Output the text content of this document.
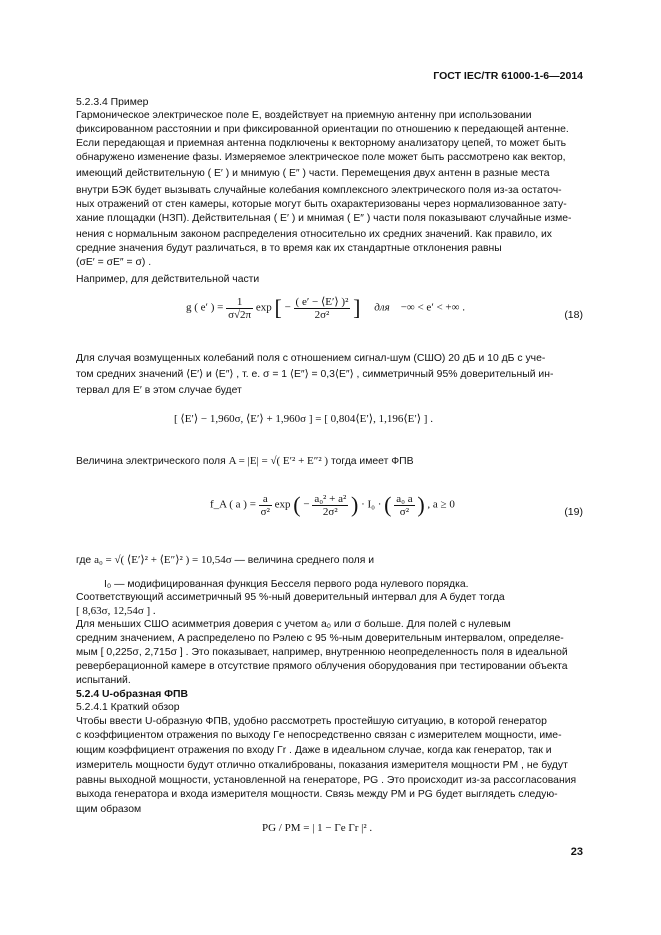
ГОСТ IEC/TR 61000-1-6—2014
5.2.3.4 Пример
Гармоническое электрическое поле E, воздействует на приемную антенну при использовании
фиксированном расстоянии и при фиксированной ориентации по отношению к передающей антенне.
Если передающая и приемная антенна подключены к векторному анализатору цепей, то может быть
обнаружено изменение фазы. Измеряемое электрическое поле может быть рассмотрено как вектор,
имеющий действительную ( E′ ) и мнимую ( E″ ) части. Перемещения двух антенн в разные места
внутри БЭК будет вызывать случайные колебания комплексного электрического поля из-за остаточ-
ных отражений от стен камеры, которые могут быть охарактеризованы через нормализованное зату-
хание площадки (НЗП). Действительная ( E′ ) и мнимая ( E″ ) части поля показывают случайные изме-
нения с нормальным законом распределения относительно их средних значений. Как правило, их
средние значения будут различаться, в то время как их стандартные отклонения равны
(σE′ = σE″ = σ) .
Например, для действительной части
g ( e′ ) = $\frac{1}{\sigma√2\pi}$ exp [ − $\frac{\text{( e′ − ⟨E′⟩ )²}}{\text{2σ²}}$ ] для −∞ < e′ < +∞ .
(18)
Для случая возмущенных колебаний поля с отношением сигнал-шум (СШО) 20 дБ и 10 дБ с уче-
том средних значений ⟨E′⟩ и ⟨E″⟩ , т. е. σ = 1 ⟨E″⟩ = 0,3⟨E″⟩ , симметричный 95% доверительный ин-
тервал для E′ в этом случае будет
[ ⟨E′⟩ − 1,960σ, ⟨E′⟩ + 1,960σ ] = [ 0,804⟨E′⟩, 1,196⟨E′⟩ ] .
Величина электрического поля A = |E| = √( E′² + E″² ) тогда имеет ФПВ
f_A ( a ) = $\frac{a}{\text{σ²}}$ exp ( − $\frac{\text{a₀² + a²}}{\text{2σ²}}$ ) · I₀ · ( $\frac{\text{a₀ a}}{\text{σ²}}$ ) , a ≥ 0
(19)
где a₀ = √( ⟨E′⟩² + ⟨E″⟩² ) = 10,54σ — величина среднего поля и
I₀ — модифицированная функция Бесселя первого рода нулевого порядка.
Соответствующий ассиметричный 95 %-ный доверительный интервал для A будет тогда
[ 8,63σ, 12,54σ ] .
Для меньших СШО асимметрия доверия с учетом a₀ или σ больше. Для полей с нулевым
средним значением, A распределено по Рэлею с 95 %-ным доверительным интервалом, определяе-
мым [ 0,225σ, 2,715σ ] . Это показывает, например, внутреннюю неопределенность поля в идеальной
реверберационной камере в отсутствие прямого облучения оборудования при тестировании объекта
испытаний.
5.2.4 U-образная ФПВ
5.2.4.1 Краткий обзор
Чтобы ввести U-образную ФПВ, удобно рассмотреть простейшую ситуацию, в которой генератор
с коэффициентом отражения по выходу Γe непосредственно связан с измерителем мощности, име-
ющим коэффициент отражения по входу Γr . Даже в идеальном случае, когда как генератор, так и
измеритель мощности будут отлично откалиброваны, показания измерителя мощности PM , не будут
равны выходной мощности, установленной на генераторе, PG . Это происходит из-за рассогласования
выхода генератора и входа измерителя мощности. Связь между PM и PG будет выглядеть следую-
щим образом
PG / PM = | 1 − Γe Γr |² .
23
